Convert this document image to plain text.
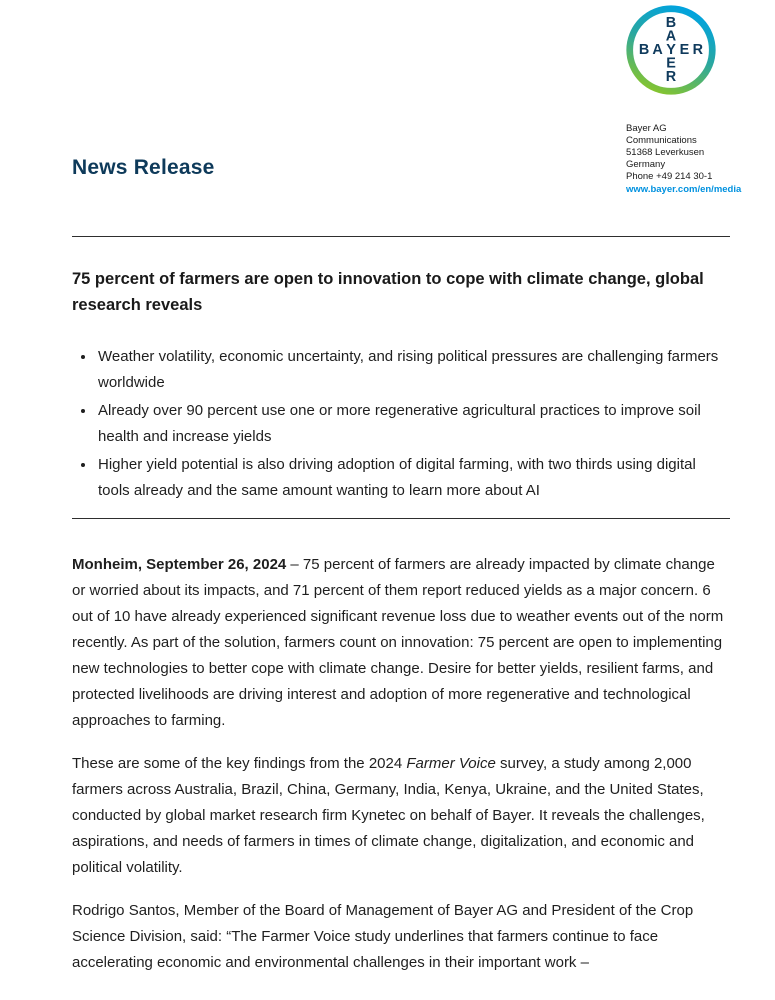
B A Y E R
B
A
E
R
Bayer AG
Communications
51368 Leverkusen
Germany
Phone +49 214 30-1
www.bayer.com/en/media
News Release
75 percent of farmers are open to innovation to cope with climate change, global research reveals
• Weather volatility, economic uncertainty, and rising political pressures are challenging farmers worldwide
• Already over 90 percent use one or more regenerative agricultural practices to improve soil health and increase yields
• Higher yield potential is also driving adoption of digital farming, with two thirds using digital tools already and the same amount wanting to learn more about AI

Monheim, September 26, 2024 – 75 percent of farmers are already impacted by climate change or worried about its impacts, and 71 percent of them report reduced yields as a major concern. 6 out of 10 have already experienced significant revenue loss due to weather events out of the norm recently. As part of the solution, farmers count on innovation: 75 percent are open to implementing new technologies to better cope with climate change. Desire for better yields, resilient farms, and protected livelihoods are driving interest and adoption of more regenerative and technological approaches to farming.

These are some of the key findings from the 2024 Farmer Voice survey, a study among 2,000 farmers across Australia, Brazil, China, Germany, India, Kenya, Ukraine, and the United States, conducted by global market research firm Kynetec on behalf of Bayer. It reveals the challenges, aspirations, and needs of farmers in times of climate change, digitalization, and economic and political volatility.

Rodrigo Santos, Member of the Board of Management of Bayer AG and President of the Crop Science Division, said: “The Farmer Voice study underlines that farmers continue to face accelerating economic and environmental challenges in their important work –
